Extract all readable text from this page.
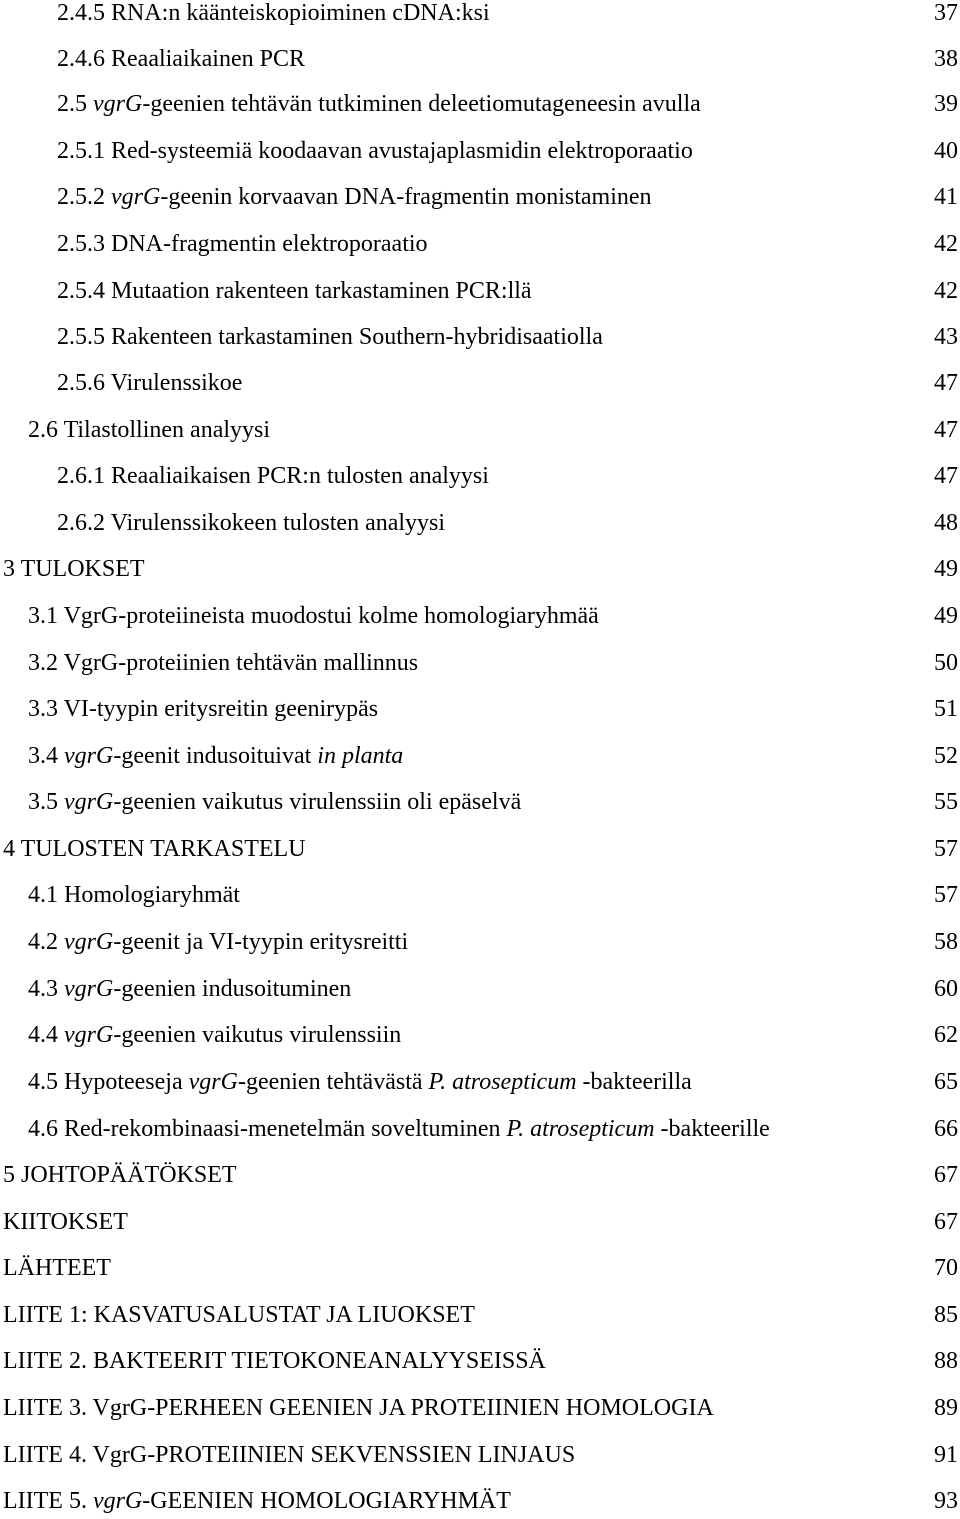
2.4.5 RNA:n käänteiskopioiminen cDNA:ksi	37
2.4.6 Reaaliaikainen PCR	38
2.5 vgrG-geenien tehtävän tutkiminen deleetiomutageneesin avulla	39
2.5.1 Red-systeemiä koodaavan avustajaplasmidin elektroporaatio	40
2.5.2 vgrG-geenin korvaavan DNA-fragmentin monistaminen	41
2.5.3 DNA-fragmentin elektroporaatio	42
2.5.4 Mutaation rakenteen tarkastaminen PCR:llä	42
2.5.5 Rakenteen tarkastaminen Southern-hybridisaatiolla	43
2.5.6 Virulenssikoe	47
2.6 Tilastollinen analyysi	47
2.6.1 Reaaliaikaisen PCR:n tulosten analyysi	47
2.6.2 Virulenssikokeen tulosten analyysi	48
3 TULOKSET	49
3.1 VgrG-proteiineista muodostui kolme homologiaryhmää	49
3.2 VgrG-proteiinien tehtävän mallinnus	50
3.3 VI-tyypin eritysreitin geenirypäs	51
3.4 vgrG-geenit indusoituivat in planta	52
3.5 vgrG-geenien vaikutus virulenssiin oli epäselvä	55
4 TULOSTEN TARKASTELU	57
4.1 Homologiaryhmät	57
4.2 vgrG-geenit ja VI-tyypin eritysreitti	58
4.3 vgrG-geenien indusoituminen	60
4.4 vgrG-geenien vaikutus virulenssiin	62
4.5 Hypoteeseja vgrG-geenien tehtävästä P. atrosepticum -bakteerilla	65
4.6 Red-rekombinaasi-menetelmän soveltuminen P. atrosepticum -bakteerille	66
5 JOHTOPÄÄTÖKSET	67
KIITOKSET	67
LÄHTEET	70
LIITE 1: KASVATUSALUSTAT JA LIUOKSET	85
LIITE 2. BAKTEERIT TIETOKONEANALYYSEISSÄ	88
LIITE 3. VgrG-PERHEEN GEENIEN JA PROTEIINIEN HOMOLOGIA	89
LIITE 4. VgrG-PROTEIINIEN SEKVENSSIEN LINJAUS	91
LIITE 5. vgrG-GEENIEN HOMOLOGIARYHMÄT	93
